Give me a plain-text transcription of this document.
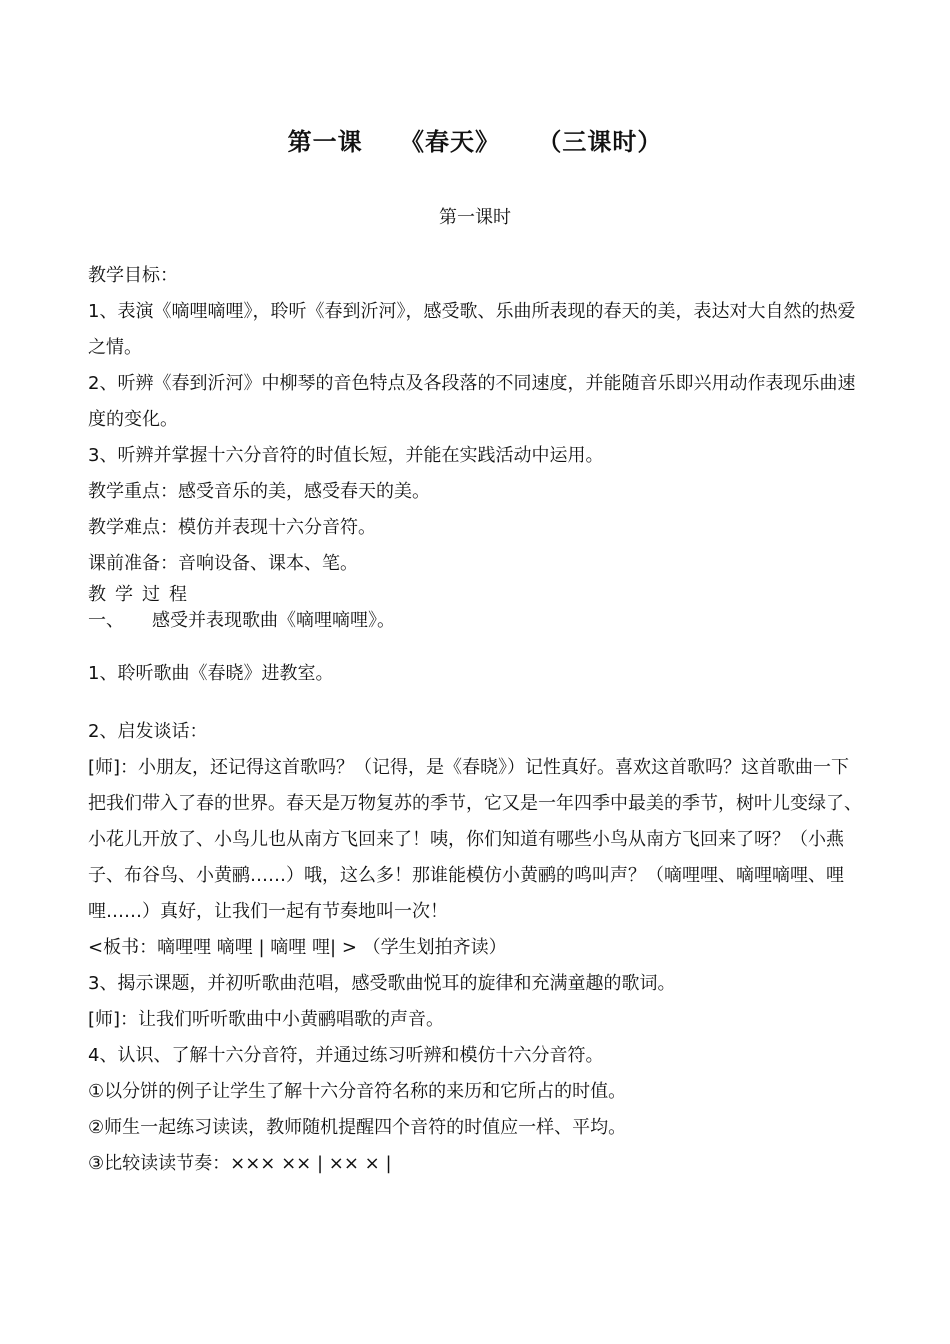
第一课    《春天》    （三课时）
第一课时

教学目标：

1、表演《嘀哩嘀哩》，聆听《春到沂河》，感受歌、乐曲所表现的春天的美，表达对大自然的热爱之情。

2、听辨《春到沂河》中柳琴的音色特点及各段落的不同速度，并能随音乐即兴用动作表现乐曲速度的变化。

3、听辨并掌握十六分音符的时值长短，并能在实践活动中运用。

教学重点：感受音乐的美，感受春天的美。

教学难点：模仿并表现十六分音符。

课前准备：音响设备、课本、笔。

教学过程

一、 感受并表现歌曲《嘀哩嘀哩》。

1、聆听歌曲《春晓》进教室。

2、启发谈话：

[师]：小朋友，还记得这首歌吗？（记得，是《春晓》）记性真好。喜欢这首歌吗？这首歌曲一下把我们带入了春的世界。春天是万物复苏的季节，它又是一年四季中最美的季节，树叶儿变绿了、小花儿开放了、小鸟儿也从南方飞回来了！咦，你们知道有哪些小鸟从南方飞回来了呀？（小燕子、布谷鸟、小黄鹂……）哦，这么多！那谁能模仿小黄鹂的鸣叫声？（嘀哩哩、嘀哩嘀哩、哩哩……）真好，让我们一起有节奏地叫一次！

<板书：嘀哩哩 嘀哩 | 嘀哩 哩| > （学生划拍齐读）

3、揭示课题，并初听歌曲范唱，感受歌曲悦耳的旋律和充满童趣的歌词。

[师]：让我们听听歌曲中小黄鹂唱歌的声音。

4、认识、了解十六分音符，并通过练习听辨和模仿十六分音符。

①以分饼的例子让学生了解十六分音符名称的来历和它所占的时值。

②师生一起练习读读，教师随机提醒四个音符的时值应一样、平均。

③比较读读节奏：××× ×× | ×× × |
